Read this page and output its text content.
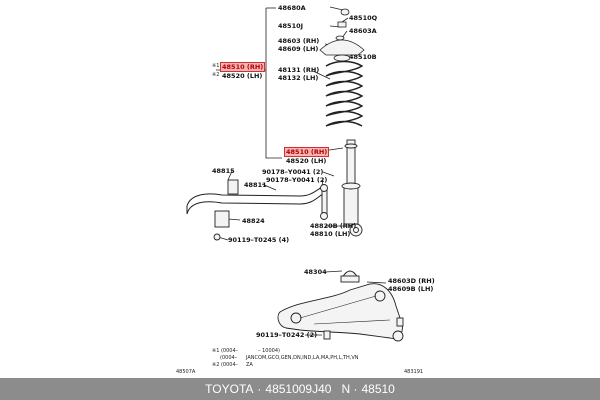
48680A
48510Q
48510J
48603A
48603 (RH)
48609 (LH)
48510B
※1 48510 (RH)
※2 48520 (LH)
48131 (RH)
48132 (LH)
48510 (RH)
48520 (LH)
90178–Y0041 (2)
90178–Y0041 (2)
48815
48811
48824
90119–T0245 (4)
48820B (RH)
48810 (LH)
48304
48603D (RH)
48609B (LH)
90119–T0242 (2)
※1 (0004–	– 10004)
(0004– JANCOM,GCO,GEN,DN,IND,LA,MA,PH,L,TH,VN
※2 (0004– ZA
48507A	483191
TOYOTA · 4851009J40 N · 48510
